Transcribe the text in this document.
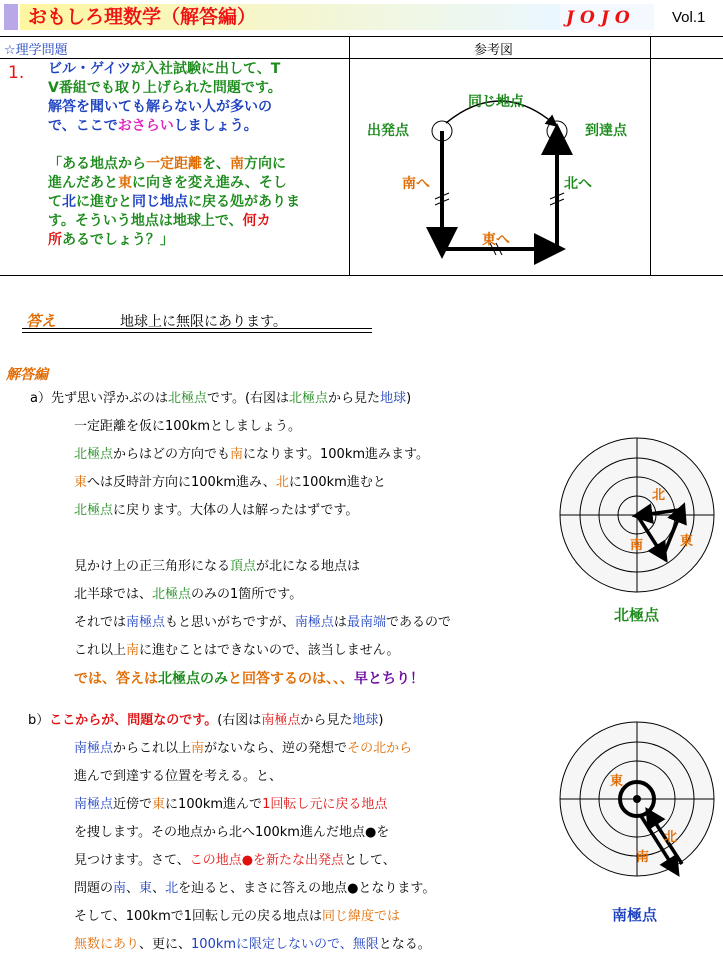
おもしろ理数学（解答編）	JOJO	Vol.1
☆理学問題	参考図
1. ビル・ゲイツが入社試験に出して、T
V番組でも取り上げられた問題です。
解答を聞いても解らない人が多いの
で、ここでおさらいしましょう。
「ある地点から一定距離を、南方向に
進んだあと東に向きを変え進み、そし
て北に進むと同じ地点に戻る処がありま
す。そういう地点は地球上で、何カ
所あるでしょう？」
同じ地点
出発点	到達点
南へ	北へ
東へ
答え	地球上に無限にあります。
解答編
a）先ず思い浮かぶのは北極点です。(右図は北極点から見た地球)
一定距離を仮に100kmとしましょう。
北極点からはどの方向でも南になります。100km進みます。
東へは反時計方向に100km進み、北に100km進むと
北極点に戻ります。大体の人は解ったはずです。
見かけ上の正三角形になる頂点が北になる地点は
北半球では、北極点のみの1箇所です。
それでは南極点もと思いがちですが、南極点は最南端であるので
これ以上南に進むことはできないので、該当しません。
では、答えは北極点のみと回答するのは、、、早とちり！
b）ここからが、問題なのです。(右図は南極点から見た地球)
南極点からこれ以上南がないなら、逆の発想でその北から
進んで到達する位置を考える。と、
南極点近傍で東に100km進んで1回転し元に戻る地点
を捜します。その地点から北へ100km進んだ地点●を
見つけます。さて、この地点●を新たな出発点として、
問題の南、東、北を辿ると、まさに答えの地点●となります。
そして、100kmで1回転し元の戻る地点は同じ緯度では
無数にあり、更に、100kmに限定しないので、無限となる。
北
南	東
北極点
東
北
南
南極点
